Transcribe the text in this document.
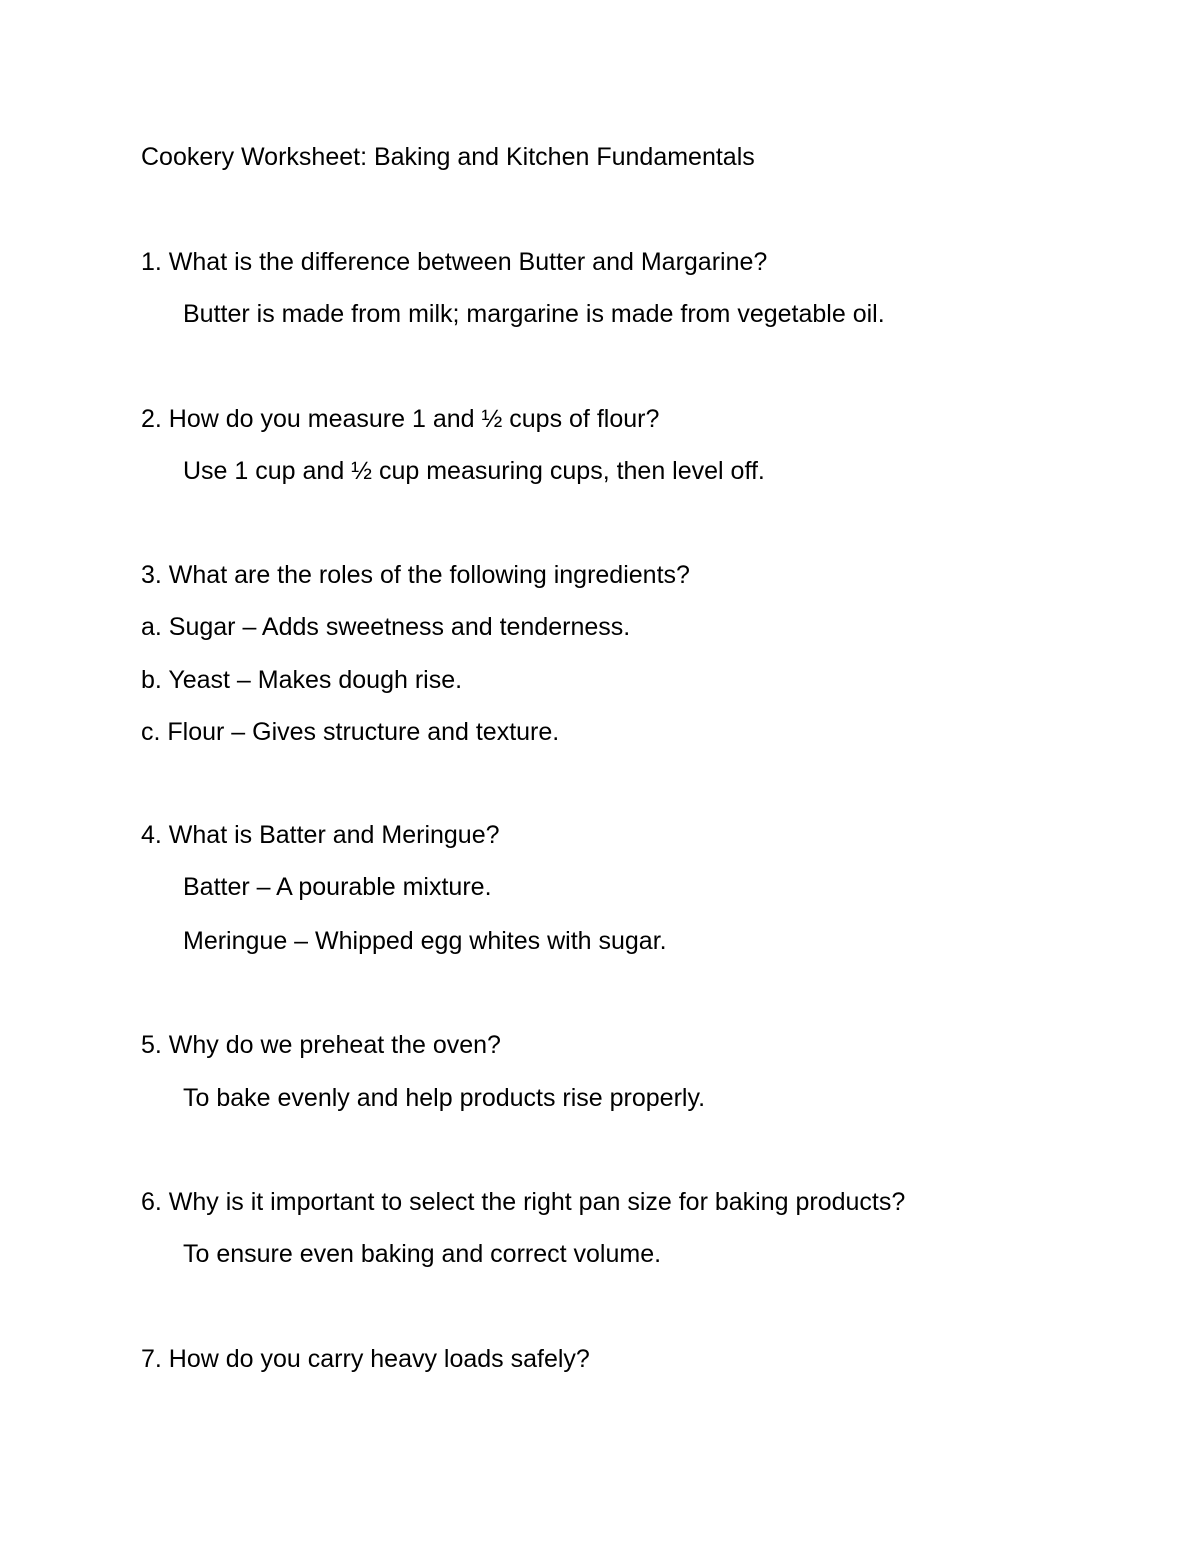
Cookery Worksheet: Baking and Kitchen Fundamentals
1. What is the difference between Butter and Margarine?
Butter is made from milk; margarine is made from vegetable oil.
2. How do you measure 1 and ½ cups of flour?
Use 1 cup and ½ cup measuring cups, then level off.
3. What are the roles of the following ingredients?
a. Sugar – Adds sweetness and tenderness.
b. Yeast – Makes dough rise.
c. Flour – Gives structure and texture.
4. What is Batter and Meringue?
Batter – A pourable mixture.
Meringue – Whipped egg whites with sugar.
5. Why do we preheat the oven?
To bake evenly and help products rise properly.
6. Why is it important to select the right pan size for baking products?
To ensure even baking and correct volume.
7. How do you carry heavy loads safely?
